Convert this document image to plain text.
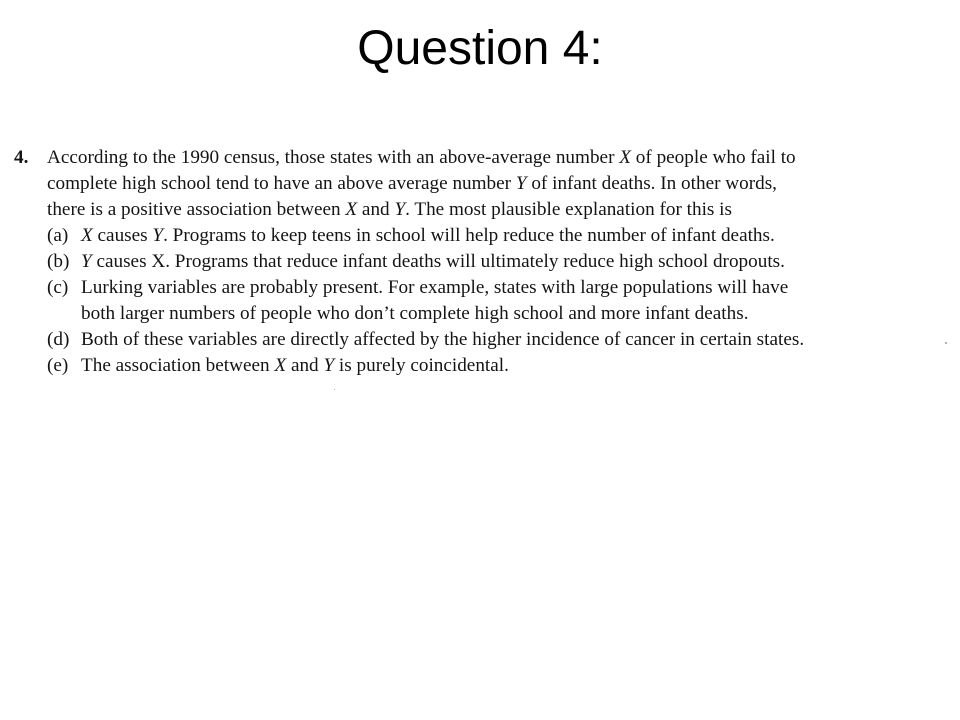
Question 4:
4. According to the 1990 census, those states with an above-average number X of people who fail to
complete high school tend to have an above average number Y of infant deaths. In other words,
there is a positive association between X and Y. The most plausible explanation for this is
(a) X causes Y. Programs to keep teens in school will help reduce the number of infant deaths.
(b) Y causes X. Programs that reduce infant deaths will ultimately reduce high school dropouts.
(c) Lurking variables are probably present. For example, states with large populations will have
both larger numbers of people who don’t complete high school and more infant deaths.
(d) Both of these variables are directly affected by the higher incidence of cancer in certain states.
(e) The association between X and Y is purely coincidental.
